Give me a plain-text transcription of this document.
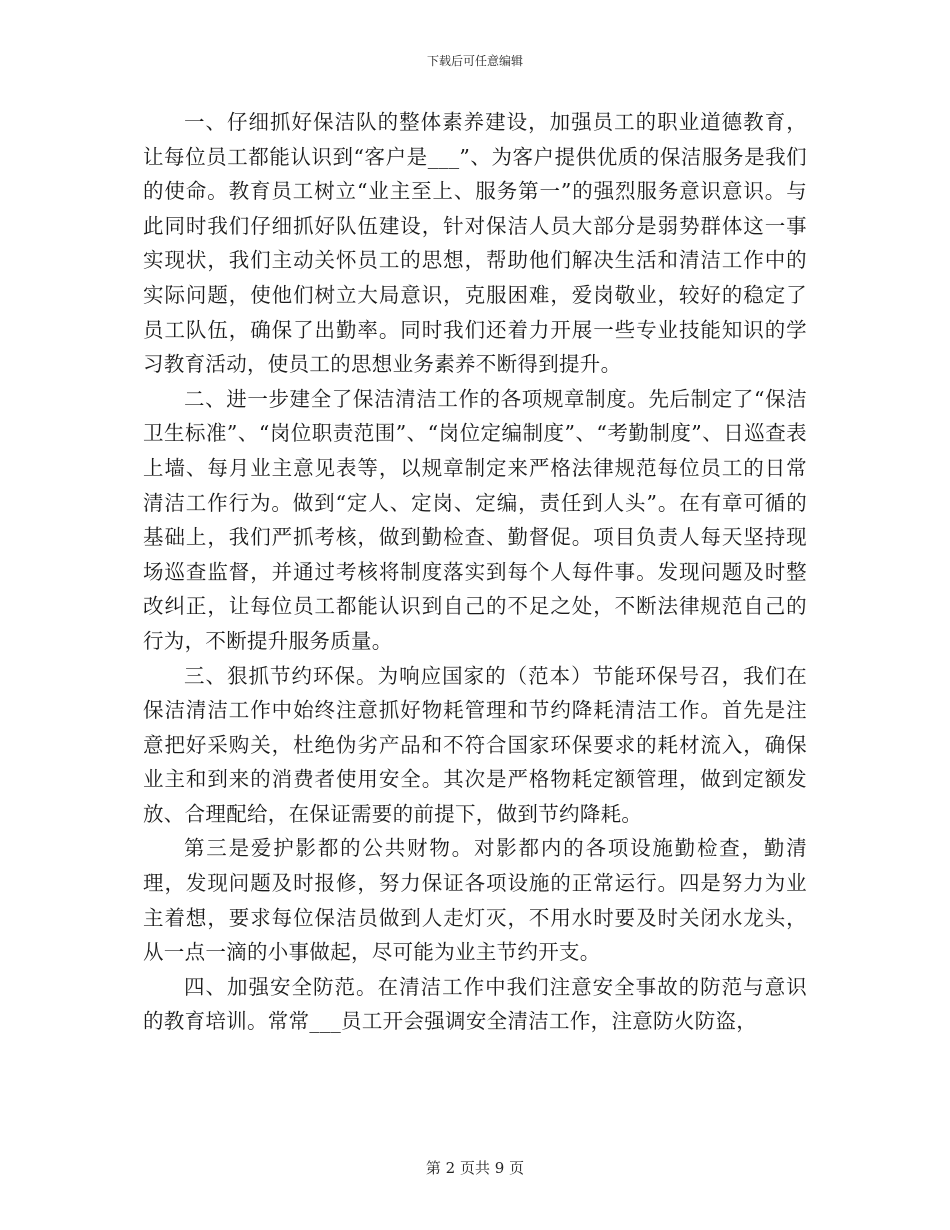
下载后可任意编辑

一、仔细抓好保洁队的整体素养建设，加强员工的职业道德教育，让每位员工都能认识到“客户是___”、为客户提供优质的保洁服务是我们的使命。教育员工树立“业主至上、服务第一”的强烈服务意识意识。与此同时我们仔细抓好队伍建设，针对保洁人员大部分是弱势群体这一事实现状，我们主动关怀员工的思想，帮助他们解决生活和清洁工作中的实际问题，使他们树立大局意识，克服困难，爱岗敬业，较好的稳定了员工队伍，确保了出勤率。同时我们还着力开展一些专业技能知识的学习教育活动，使员工的思想业务素养不断得到提升。

二、进一步建全了保洁清洁工作的各项规章制度。先后制定了“保洁卫生标准”、“岗位职责范围”、“岗位定编制度”、“考勤制度”、日巡查表上墙、每月业主意见表等，以规章制定来严格法律规范每位员工的日常清洁工作行为。做到“定人、定岗、定编，责任到人头”。在有章可循的基础上，我们严抓考核，做到勤检查、勤督促。项目负责人每天坚持现场巡查监督，并通过考核将制度落实到每个人每件事。发现问题及时整改纠正，让每位员工都能认识到自己的不足之处，不断法律规范自己的行为，不断提升服务质量。

三、狠抓节约环保。为响应国家的（范本）节能环保号召，我们在保洁清洁工作中始终注意抓好物耗管理和节约降耗清洁工作。首先是注意把好采购关，杜绝伪劣产品和不符合国家环保要求的耗材流入，确保业主和到来的消费者使用安全。其次是严格物耗定额管理，做到定额发放、合理配给，在保证需要的前提下，做到节约降耗。

第三是爱护影都的公共财物。对影都内的各项设施勤检查，勤清理，发现问题及时报修，努力保证各项设施的正常运行。四是努力为业主着想，要求每位保洁员做到人走灯灭，不用水时要及时关闭水龙头，从一点一滴的小事做起，尽可能为业主节约开支。

四、加强安全防范。在清洁工作中我们注意安全事故的防范与意识的教育培训。常常___员工开会强调安全清洁工作，注意防火防盗，

第 2 页共 9 页
